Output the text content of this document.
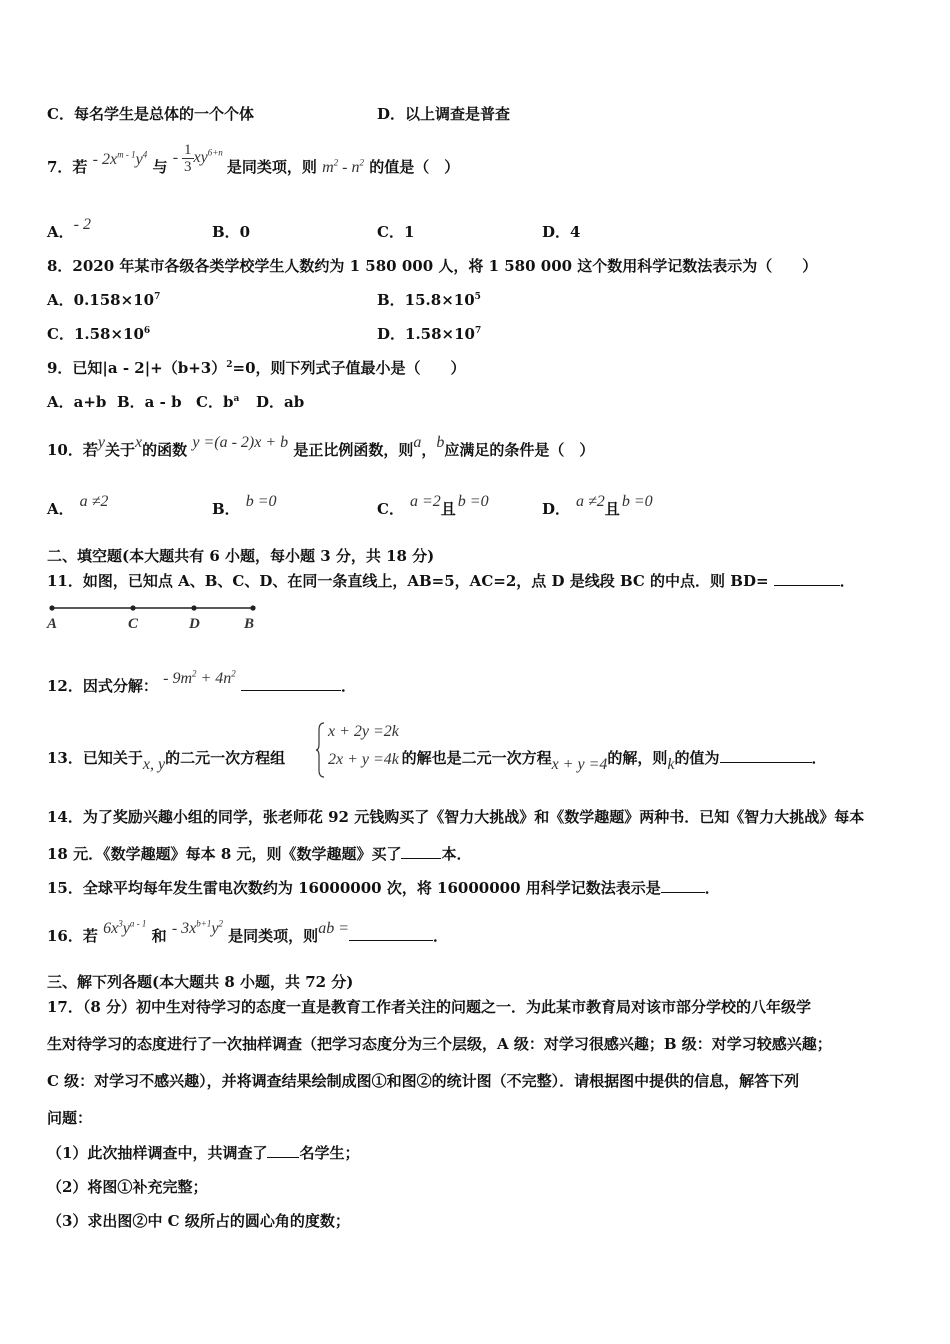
C．每名学生是总体的一个个体	D．以上调查是普查
7．若 - $2x^{m - 1}y^4$ 与 - $\frac{1}{3} xy^{6+n}$ 是同类项，则 $m^2 - n^2$ 的值是（　）
A．- 2	B．0	C．1	D．4
8．2020 年某市各级各类学校学生人数约为 1 580 000 人，将 1 580 000 这个数用科学记数法表示为（　　）
A．$0.158\times 10^7$	B．$15.8\times 10^5$
C．$1.58\times 10^6$	D．$1.58\times 10^7$
9．已知$|a - 2|+(b+3)^2=0$，则下列式子值最小是（　　）
A．a+b B．a - b C．$b^a$ D．ab
10．若y关于x的函数 y =(a - 2)x + b 是正比例函数，则a，b应满足的条件是（　）
A． a ≠2	B． b =0	C． a =2且 b =0	D． a ≠2且 b =0
二、填空题(本大题共有 6 小题，每小题 3 分，共 18 分)
11．如图，已知点 A、B、C、D、在同一条直线上，AB=5，AC=2，点 D 是线段 BC 的中点．则 BD=	．
A	C	D	B
12．因式分解： - $9m^2 + 4n^2$ ．
13．已知关于x, y的二元一次方程组	的解也是二元一次方程x + y =4的解，则k的值为	．
x + 2y =2k
2x + y =4k
14．为了奖励兴趣小组的同学，张老师花 92 元钱购买了《智力大挑战》和《数学趣题》两种书．已知《智力大挑战》每本
18 元．《数学趣题》每本 8 元，则《数学趣题》买了	本．
15．全球平均每年发生雷电次数约为 16000000 次，将 16000000 用科学记数法表示是	．
16．若 $6x^3y^{a - 1}$ 和 - $3x^{b+1}y^2$ 是同类项，则ab =	．
三、解下列各题(本大题共 8 小题，共 72 分)
17．（8 分）初中生对待学习的态度一直是教育工作者关注的问题之一．为此某市教育局对该市部分学校的八年级学
生对待学习的态度进行了一次抽样调查（把学习态度分为三个层级，A 级：对学习很感兴趣；B 级：对学习较感兴趣；
C 级：对学习不感兴趣），并将调查结果绘制成图①和图②的统计图（不完整）．请根据图中提供的信息，解答下列
问题：
（1）此次抽样调查中，共调查了 名学生；
（2）将图①补充完整；
（3）求出图②中 C 级所占的圆心角的度数；
